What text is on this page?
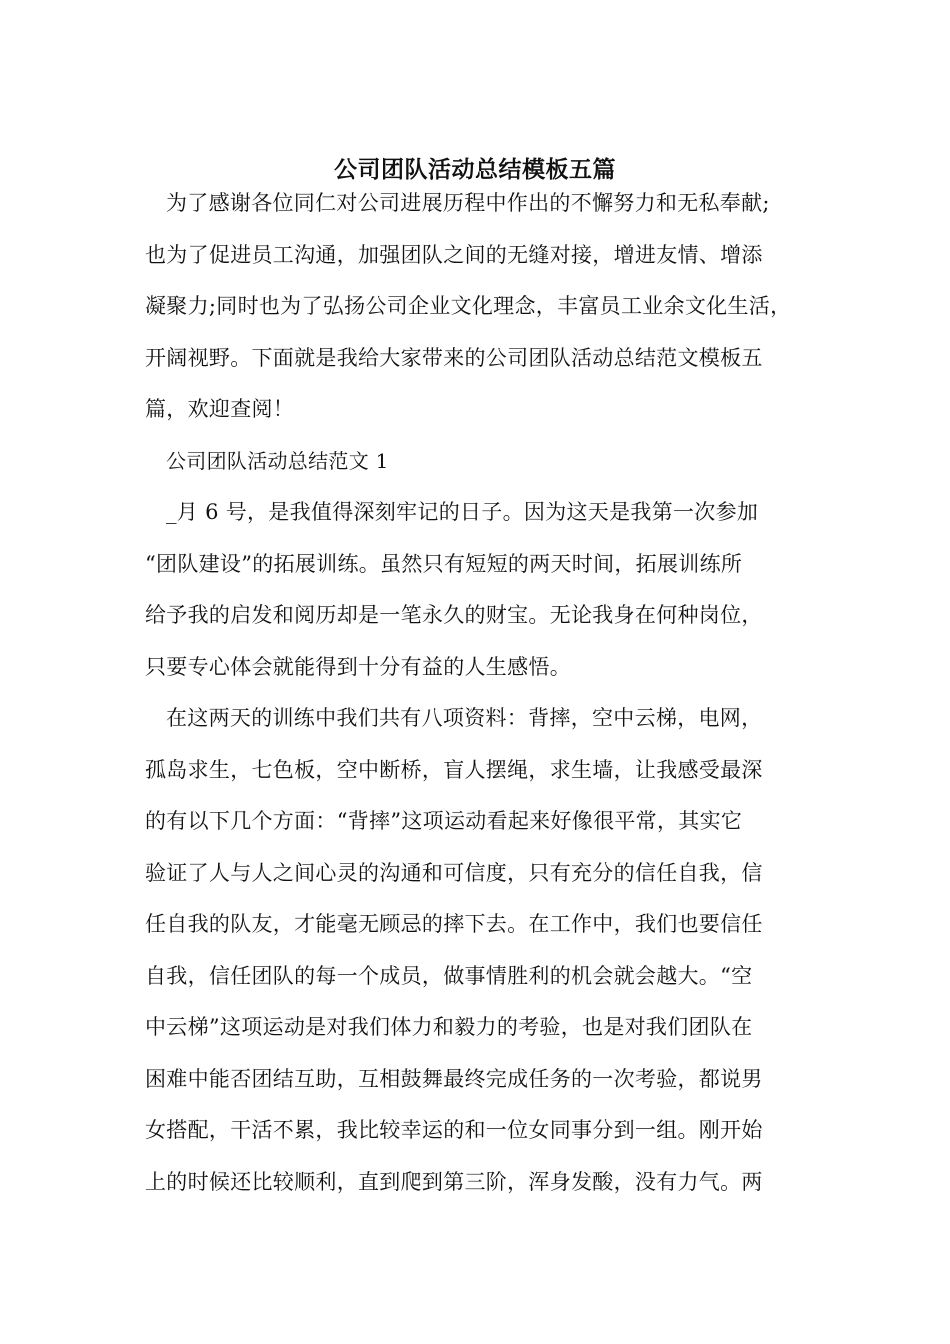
公司团队活动总结模板五篇
为了感谢各位同仁对公司进展历程中作出的不懈努力和无私奉献;
也为了促进员工沟通，加强团队之间的无缝对接，增进友情、增添
凝聚力;同时也为了弘扬公司企业文化理念，丰富员工业余文化生活，
开阔视野。下面就是我给大家带来的公司团队活动总结范文模板五
篇，欢迎查阅！
公司团队活动总结范文 1
_月 6 号，是我值得深刻牢记的日子。因为这天是我第一次参加
“团队建设”的拓展训练。虽然只有短短的两天时间，拓展训练所
给予我的启发和阅历却是一笔永久的财宝。无论我身在何种岗位，
只要专心体会就能得到十分有益的人生感悟。
在这两天的训练中我们共有八项资料：背摔，空中云梯，电网，
孤岛求生，七色板，空中断桥，盲人摆绳，求生墙，让我感受最深
的有以下几个方面：“背摔”这项运动看起来好像很平常，其实它
验证了人与人之间心灵的沟通和可信度，只有充分的信任自我，信
任自我的队友，才能毫无顾忌的摔下去。在工作中，我们也要信任
自我，信任团队的每一个成员，做事情胜利的机会就会越大。“空
中云梯”这项运动是对我们体力和毅力的考验，也是对我们团队在
困难中能否团结互助，互相鼓舞最终完成任务的一次考验，都说男
女搭配，干活不累，我比较幸运的和一位女同事分到一组。刚开始
上的时候还比较顺利，直到爬到第三阶，浑身发酸，没有力气。两
